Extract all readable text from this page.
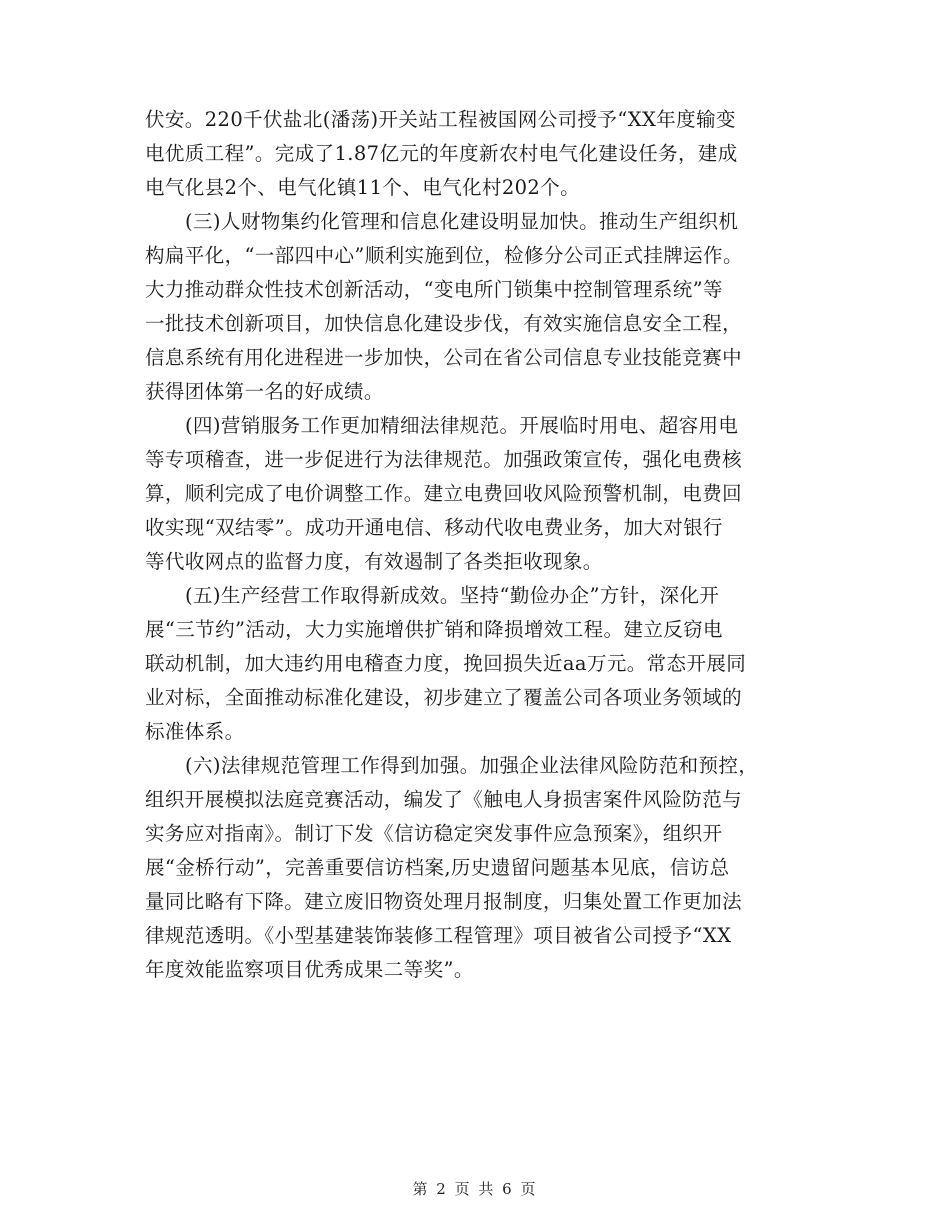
伏安。220千伏盐北(潘荡)开关站工程被国网公司授予“XX年度输变
电优质工程”。完成了1.87亿元的年度新农村电气化建设任务，建成
电气化县2个、电气化镇11个、电气化村202个。

(三)人财物集约化管理和信息化建设明显加快。推动生产组织机
构扁平化，“一部四中心”顺利实施到位，检修分公司正式挂牌运作。
大力推动群众性技术创新活动，“变电所门锁集中控制管理系统”等
一批技术创新项目，加快信息化建设步伐，有效实施信息安全工程，
信息系统有用化进程进一步加快，公司在省公司信息专业技能竞赛中
获得团体第一名的好成绩。

(四)营销服务工作更加精细法律规范。开展临时用电、超容用电
等专项稽查，进一步促进行为法律规范。加强政策宣传，强化电费核
算，顺利完成了电价调整工作。建立电费回收风险预警机制，电费回
收实现“双结零”。成功开通电信、移动代收电费业务，加大对银行
等代收网点的监督力度，有效遏制了各类拒收现象。

(五)生产经营工作取得新成效。坚持“勤俭办企”方针，深化开
展“三节约”活动，大力实施增供扩销和降损增效工程。建立反窃电
联动机制，加大违约用电稽查力度，挽回损失近aa万元。常态开展同
业对标，全面推动标准化建设，初步建立了覆盖公司各项业务领域的
标准体系。

(六)法律规范管理工作得到加强。加强企业法律风险防范和预控，
组织开展模拟法庭竞赛活动，编发了《触电人身损害案件风险防范与
实务应对指南》。制订下发《信访稳定突发事件应急预案》，组织开
展“金桥行动”，完善重要信访档案,历史遗留问题基本见底，信访总
量同比略有下降。建立废旧物资处理月报制度，归集处置工作更加法
律规范透明。《小型基建装饰装修工程管理》项目被省公司授予“XX
年度效能监察项目优秀成果二等奖”。

第 2 页 共 6 页
